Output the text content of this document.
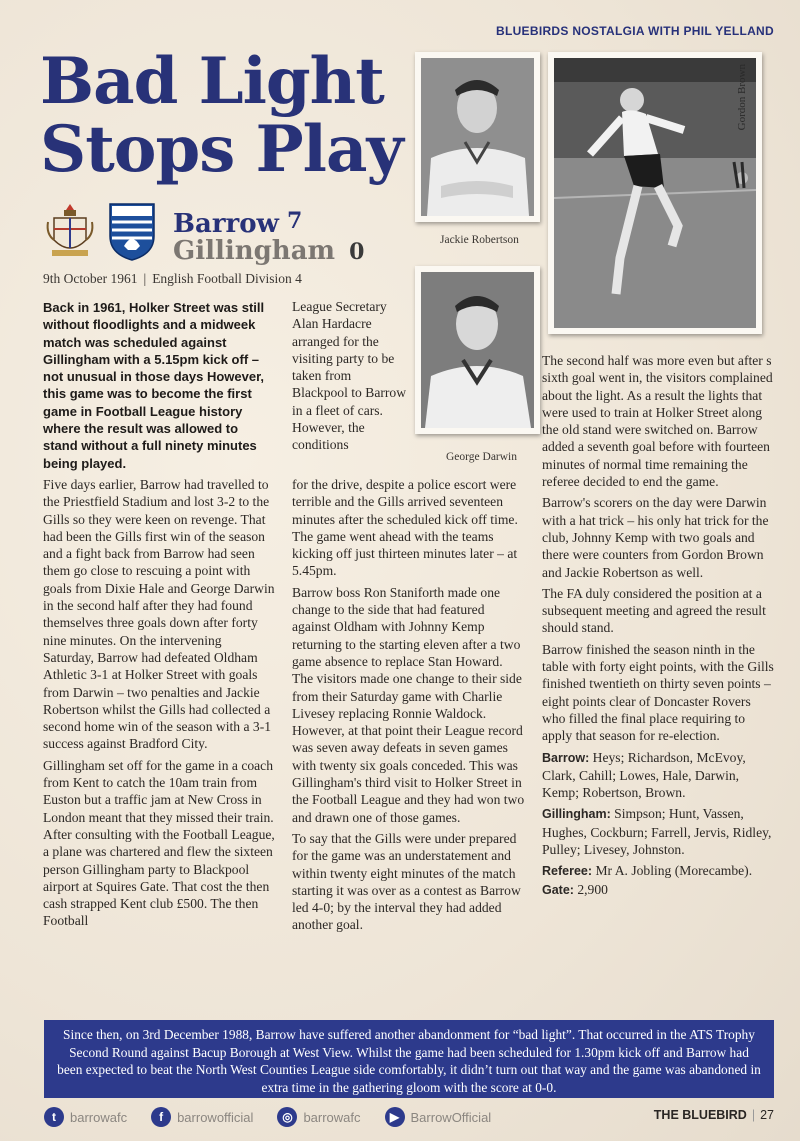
BLUEBIRDS NOSTALGIA WITH PHIL YELLAND
Bad Light
Stops Play
Barrow 7
Gillingham 0
9th October 1961 | English Football Division 4

Back in 1961, Holker Street was still without floodlights and a midweek match was scheduled against Gillingham with a 5.15pm kick off – not unusual in those days However, this game was to become the first game in Football League history where the result was allowed to stand without a full ninety minutes being played.

Five days earlier, Barrow had travelled to the Priestfield Stadium and lost 3-2 to the Gills so they were keen on revenge. That had been the Gills first win of the season and a fight back from Barrow had seen them go close to rescuing a point with goals from Dixie Hale and George Darwin in the second half after they had found themselves three goals down after forty nine minutes. On the intervening Saturday, Barrow had defeated Oldham Athletic 3-1 at Holker Street with goals from Darwin – two penalties and Jackie Robertson whilst the Gills had collected a second home win of the season with a 3-1 success against Bradford City.

Gillingham set off for the game in a coach from Kent to catch the 10am train from Euston but a traffic jam at New Cross in London meant that they missed their train. After consulting with the Football League, a plane was chartered and flew the sixteen person Gillingham party to Blackpool airport at Squires Gate. That cost the then cash strapped Kent club £500. The then Football

League Secretary Alan Hardacre arranged for the visiting party to be taken from Blackpool to Barrow in a fleet of cars. However, the conditions

for the drive, despite a police escort were terrible and the Gills arrived seventeen minutes after the scheduled kick off time. The game went ahead with the teams kicking off just thirteen minutes later – at 5.45pm.

Barrow boss Ron Staniforth made one change to the side that had featured against Oldham with Johnny Kemp returning to the starting eleven after a two game absence to replace Stan Howard. The visitors made one change to their side from their Saturday game with Charlie Livesey replacing Ronnie Waldock. However, at that point their League record was seven away defeats in seven games with twenty six goals conceded. This was Gillingham's third visit to Holker Street in the Football League and they had won two and drawn one of those games.

To say that the Gills were under prepared for the game was an understatement and within twenty eight minutes of the match starting it was over as a contest as Barrow led 4-0; by the interval they had added another goal.

The second half was more even but after s sixth goal went in, the visitors complained about the light. As a result the lights that were used to train at Holker Street along the old stand were switched on. Barrow added a seventh goal before with fourteen minutes of normal time remaining the referee decided to end the game.

Barrow's scorers on the day were Darwin with a hat trick – his only hat trick for the club, Johnny Kemp with two goals and there were counters from Gordon Brown and Jackie Robertson as well.

The FA duly considered the position at a subsequent meeting and agreed the result should stand.

Barrow finished the season ninth in the table with forty eight points, with the Gills finished twentieth on thirty seven points – eight points clear of Doncaster Rovers who filled the final place requiring to apply that season for re-election.

Barrow: Heys; Richardson, McEvoy, Clark, Cahill; Lowes, Hale, Darwin, Kemp; Robertson, Brown.

Gillingham: Simpson; Hunt, Vassen, Hughes, Cockburn; Farrell, Jervis, Ridley, Pulley; Livesey, Johnston.

Referee: Mr A. Jobling (Morecambe).

Gate: 2,900

Jackie Robertson
George Darwin
Gordon Brown
Since then, on 3rd December 1988, Barrow have suffered another abandonment for “bad light”. That occurred in the ATS Trophy Second Round against Bacup Borough at West View. Whilst the game had been scheduled for 1.30pm kick off and Barrow had been expected to beat the North West Counties League side comfortably, it didn’t turn out that way and the game was abandoned in extra time in the gathering gloom with the score at 0-0.
t	barrowafc	f	barrowofficial	◎ barrowafc	▶ BarrowOfficial	THE BLUEBIRD | 27
